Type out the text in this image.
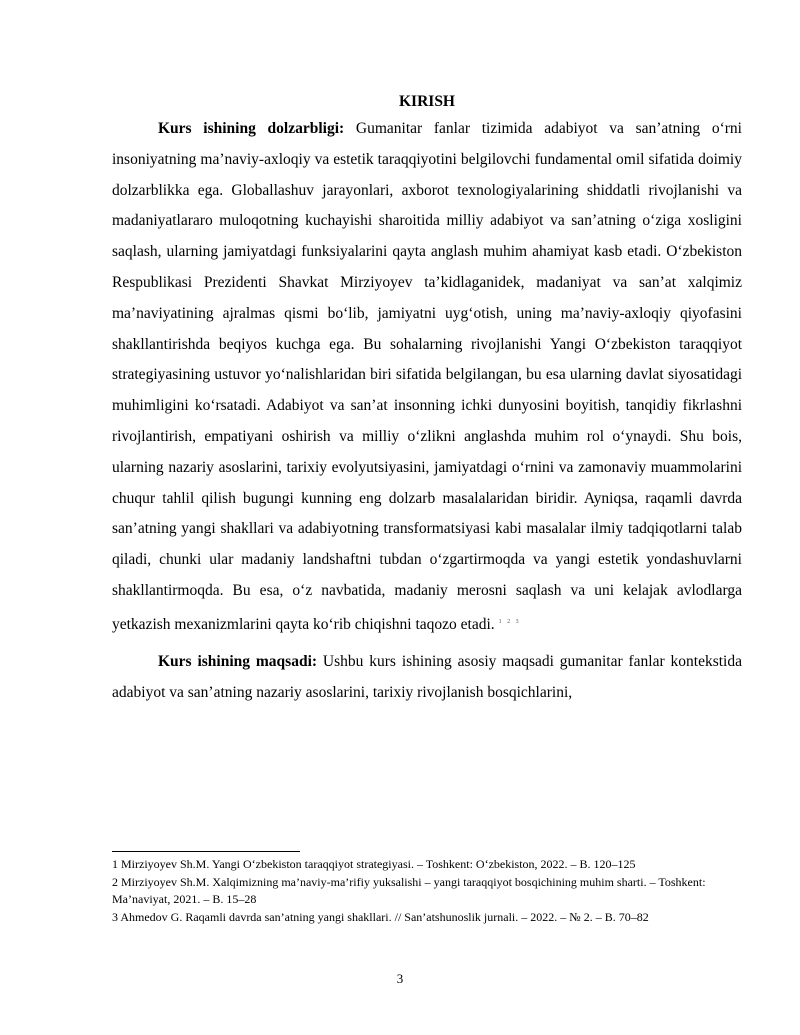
KIRISH

Kurs ishining dolzarbligi: Gumanitar fanlar tizimida adabiyot va san’atning o‘rni insoniyatning ma’naviy-axloqiy va estetik taraqqiyotini belgilovchi fundamental omil sifatida doimiy dolzarblikka ega. Globallashuv jarayonlari, axborot texnologiyalarining shiddatli rivojlanishi va madaniyatlararo muloqotning kuchayishi sharoitida milliy adabiyot va san’atning o‘ziga xosligini saqlash, ularning jamiyatdagi funksiyalarini qayta anglash muhim ahamiyat kasb etadi. O‘zbekiston Respublikasi Prezidenti Shavkat Mirziyoyev ta’kidlaganidek, madaniyat va san’at xalqimiz ma’naviyatining ajralmas qismi bo‘lib, jamiyatni uyg‘otish, uning ma’naviy-axloqiy qiyofasini shakllantirishda beqiyos kuchga ega. Bu sohalarning rivojlanishi Yangi O‘zbekiston taraqqiyot strategiyasining ustuvor yo‘nalishlaridan biri sifatida belgilangan, bu esa ularning davlat siyosatidagi muhimligini ko‘rsatadi. Adabiyot va san’at insonning ichki dunyosini boyitish, tanqidiy fikrlashni rivojlantirish, empatiyani oshirish va milliy o‘zlikni anglashda muhim rol o‘ynaydi. Shu bois, ularning nazariy asoslarini, tarixiy evolyutsiyasini, jamiyatdagi o‘rnini va zamonaviy muammolarini chuqur tahlil qilish bugungi kunning eng dolzarb masalalaridan biridir. Ayniqsa, raqamli davrda san’atning yangi shakllari va adabiyotning transformatsiyasi kabi masalalar ilmiy tadqiqotlarni talab qiladi, chunki ular madaniy landshaftni tubdan o‘zgartirmoqda va yangi estetik yondashuvlarni shakllantirmoqda. Bu esa, o‘z navbatida, madaniy merosni saqlash va uni kelajak avlodlarga yetkazish mexanizmlarini qayta ko‘rib chiqishni taqozo etadi. $^{1 2 3}$

Kurs ishining maqsadi: Ushbu kurs ishining asosiy maqsadi gumanitar fanlar kontekstida adabiyot va san’atning nazariy asoslarini, tarixiy rivojlanish bosqichlarini,

1 Mirziyoyev Sh.M. Yangi O‘zbekiston taraqqiyot strategiyasi. – Toshkent: O‘zbekiston, 2022. – B. 120–125

2 Mirziyoyev Sh.M. Xalqimizning ma’naviy-ma’rifiy yuksalishi – yangi taraqqiyot bosqichining muhim sharti. – Toshkent: Ma’naviyat, 2021. – B. 15–28

3 Ahmedov G. Raqamli davrda san’atning yangi shakllari. // San’atshunoslik jurnali. – 2022. – № 2. – B. 70–82

3
